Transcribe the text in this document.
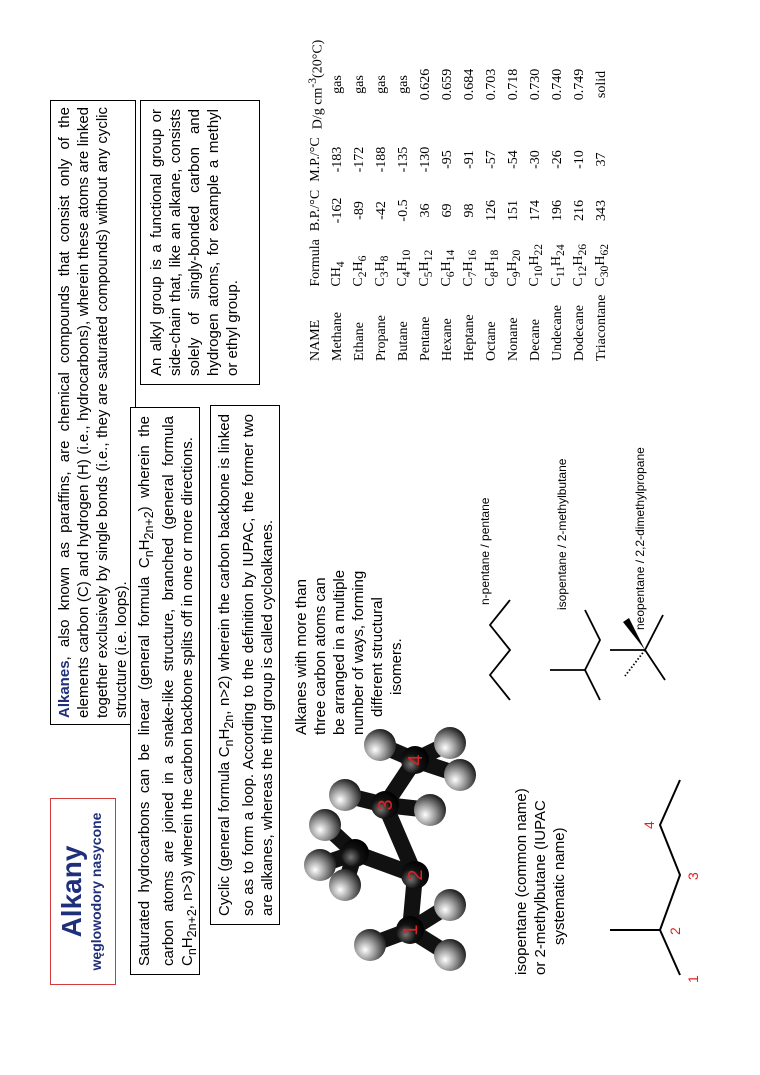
Alkany węglowodory nasycone

Alkanes, also known as paraffins, are chemical compounds that consist only of the elements carbon (C) and hydrogen (H) (i.e., hydrocarbons), wherein these atoms are linked together exclusively by single bonds (i.e., they are saturated compounds) without any cyclic structure (i.e. loops). Saturated hydrocarbons can be linear (general formula $C_nH_{2n+2}$) wherein the carbon atoms are joined in a snake-like structure, branched (general formula $C_nH_{2n+2}$, n>3) wherein the carbon backbone splits off in one or more directions.	Cyclic (general formula $C_nH_{2n}$, n>2) wherein the carbon backbone is linked so as to form a loop. According to the definition by IUPAC, the former two are alkanes, whereas the third group is called cycloalkanes.

An alkyl group is a functional group or side-chain that, like an alkane, consists solely of singly-bonded carbon and hydrogen atoms, for example a methyl or ethyl group.

Alkanes with more than three carbon atoms can be arranged in a multiple number of ways, forming different structural isomers.
isopentane (common name) or 2-methylbutane (IUPAC systematic name)
1
2
3
4
1
2
3
4
n-pentane / pentane	isopentane / 2-methylbutane	neopentane / 2,2-dimethylpropane
NAME	Formula	B.P./°C	M.P./°C	D/g $cm^{-3}(20^\circ C)$
Methane	$CH_4$	-162	-183	gas
Ethane	$C_2H_6$	-89	-172	gas
Propane	$C_3H_8$	-42	-188	gas
Butane	$C_4H_{10}$	-0.5	-135	gas
Pentane	$C_5H_{12}$	36	-130	0.626
Hexane	$C_6H_{14}$	69	-95	0.659
Heptane	$C_7H_{16}$	98	-91	0.684
Octane	$C_8H_{18}$	126	-57	0.703
Nonane	$C_9H_{20}$	151	-54	0.718
Decane	$C_{10}H_{22}$	174	-30	0.730
Undecane	$C_{11}H_{24}$	196	-26	0.740
Dodecane	$C_{12}H_{26}$	216	-10	0.749
Triacontane	$C_{30}H_{62}$	343	37	solid
